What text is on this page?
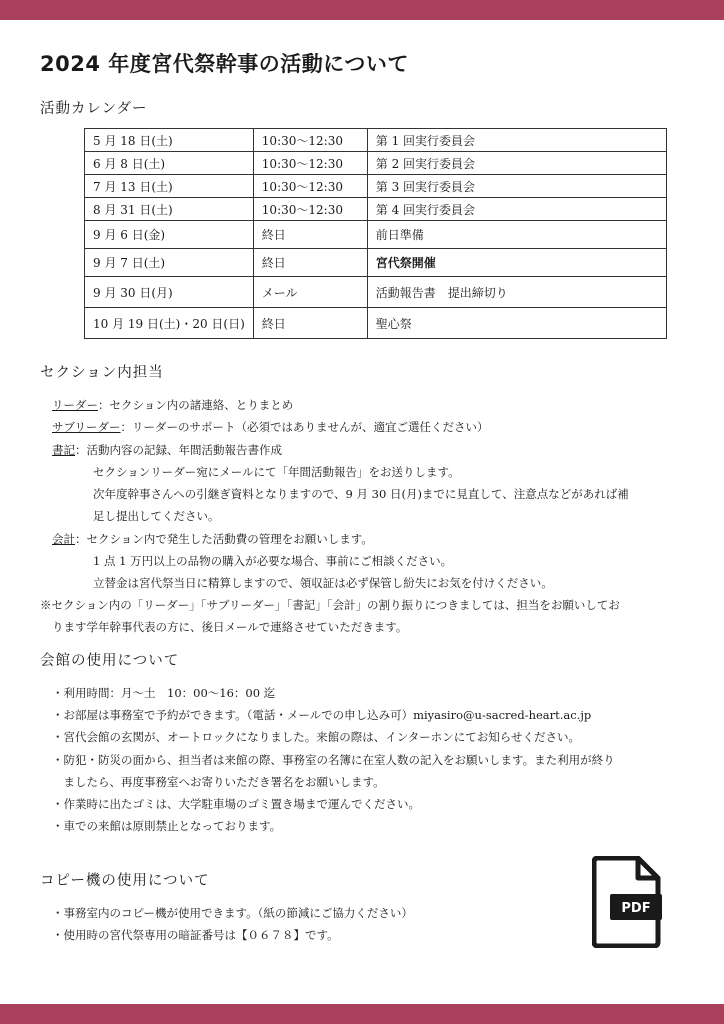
2024 年度宮代祭幹事の活動について
活動カレンダー
5 月 18 日(土)	10:30～12:30	第 1 回実行委員会
6 月 8 日(土)	10:30～12:30	第 2 回実行委員会
7 月 13 日(土)	10:30～12:30	第 3 回実行委員会
8 月 31 日(土)	10:30～12:30	第 4 回実行委員会
9 月 6 日(金)	終日	前日準備
9 月 7 日(土)	終日	宮代祭開催
9 月 30 日(月)	メール	活動報告書　提出締切り
10 月 19 日(土)・20 日(日)	終日	聖心祭
セクション内担当
リーダー：セクション内の諸連絡、とりまとめ
サブリーダー：リーダーのサポート（必須ではありませんが、適宜ご選任ください）
書記：活動内容の記録、年間活動報告書作成
セクションリーダー宛にメールにて「年間活動報告」をお送りします。
次年度幹事さんへの引継ぎ資料となりますので、9 月 30 日(月)までに見直して、注意点などがあれば補
足し提出してください。
会計：セクション内で発生した活動費の管理をお願いします。
1 点 1 万円以上の品物の購入が必要な場合、事前にご相談ください。
立替金は宮代祭当日に精算しますので、領収証は必ず保管し紛失にお気を付けください。
※セクション内の「リーダー」「サブリーダー」「書記」「会計」の割り振りにつきましては、担当をお願いしてお
ります学年幹事代表の方に、後日メールで連絡させていただきます。
会館の使用について
・利用時間：月～土　10：00～16：00 迄
・お部屋は事務室で予約ができます。（電話・メールでの申し込み可）miyasiro@u-sacred-heart.ac.jp
・宮代会館の玄関が、オートロックになりました。来館の際は、インターホンにてお知らせください。
・防犯・防災の面から、担当者は来館の際、事務室の名簿に在室人数の記入をお願いします。また利用が終り
　ましたら、再度事務室へお寄りいただき署名をお願いします。
・作業時に出たゴミは、大学駐車場のゴミ置き場まで運んでください。
・車での来館は原則禁止となっております。
コピー機の使用について
・事務室内のコピー機が使用できます。（紙の節減にご協力ください）
・使用時の宮代祭専用の暗証番号は【０６７８】です。
PDF
